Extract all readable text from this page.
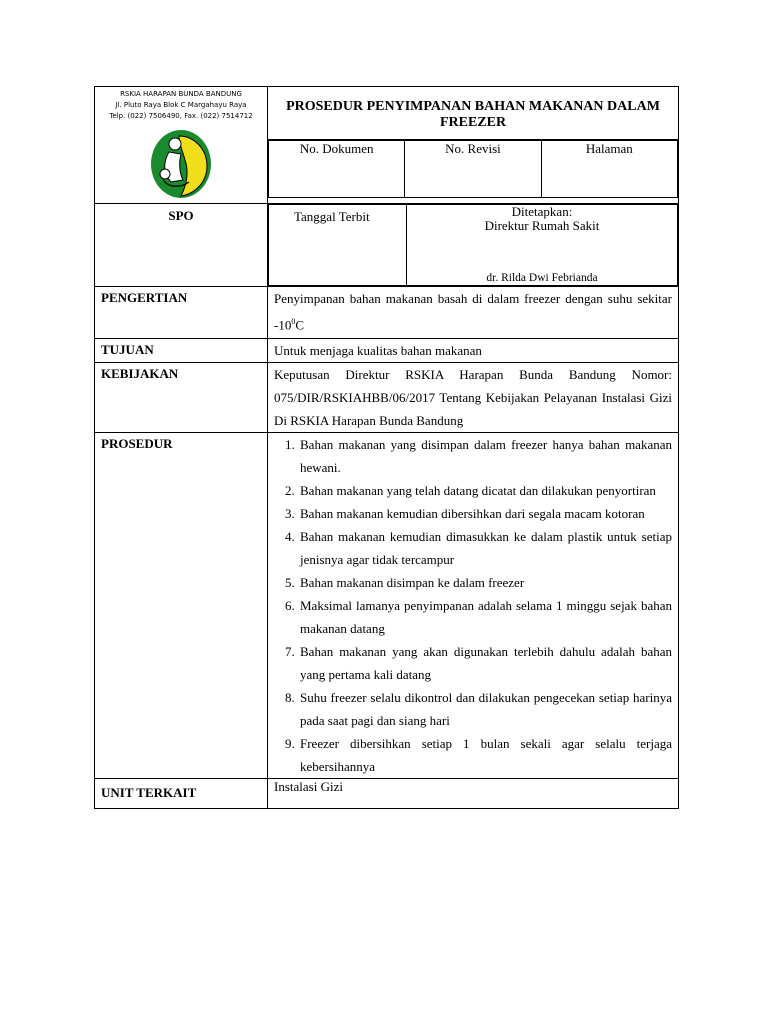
RSKIA HARAPAN BUNDA BANDUNG
Jl. Pluto Raya Blok C Margahayu Raya
Telp. (022) 7506490, Fax. (022) 7514712

PROSEDUR PENYIMPANAN BAHAN MAKANAN DALAM FREEZER
No. Dokumen	No. Revisi	Halaman

SPO		Tanggal Terbit	Ditetapkan:
Direktur Rumah Sakit
dr. Rilda Dwi Febrianda

PENGERTIAN	Penyimpanan bahan makanan basah di dalam freezer dengan suhu sekitar $-10^0C$
TUJUAN	Untuk menjaga kualitas bahan makanan
KEBIJAKAN	Keputusan Direktur RSKIA Harapan Bunda Bandung Nomor: 075/DIR/RSKIAHBB/06/2017 Tentang Kebijakan Pelayanan Instalasi Gizi Di RSKIA Harapan Bunda Bandung
PROSEDUR	
1.Bahan makanan yang disimpan dalam freezer hanya bahan makanan hewani.
2. Bahan makanan yang telah datang dicatat dan dilakukan penyortiran
3. Bahan makanan kemudian dibersihkan dari segala macam kotoran
4. Bahan makanan kemudian dimasukkan ke dalam plastik untuk setiap jenisnya agar tidak tercampur
5. Bahan makanan disimpan ke dalam freezer
6. Maksimal lamanya penyimpanan adalah selama 1 minggu sejak bahan makanan datang
7. Bahan makanan yang akan digunakan terlebih dahulu adalah bahan yang pertama kali datang
8. Suhu freezer selalu dikontrol dan dilakukan pengecekan setiap harinya pada saat pagi dan siang hari
9. Freezer dibersihkan setiap 1 bulan sekali agar selalu terjaga kebersihannya

UNIT TERKAIT	Instalasi Gizi
